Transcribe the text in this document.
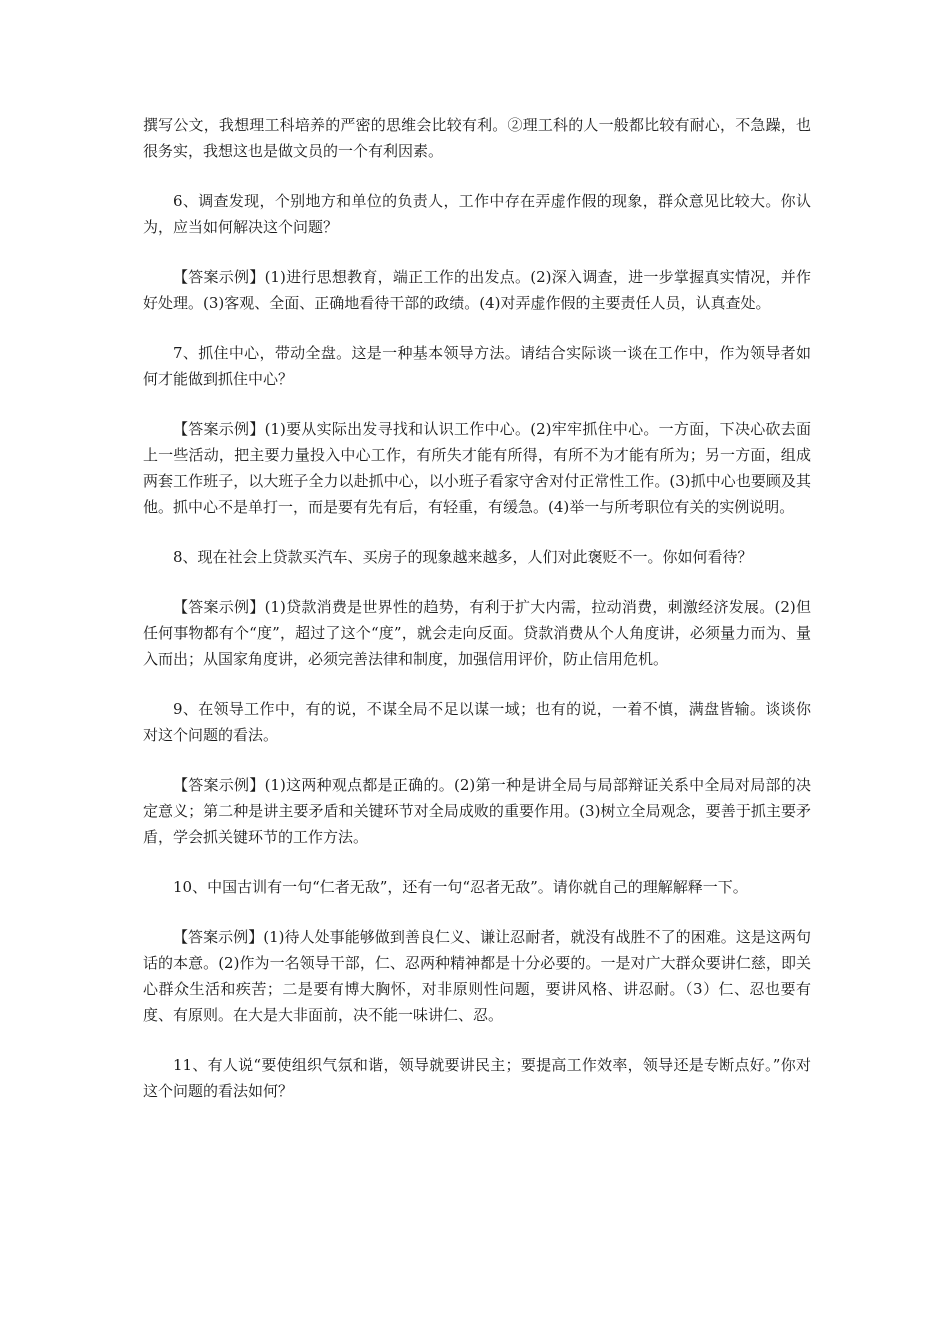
撰写公文，我想理工科培养的严密的思维会比较有利。②理工科的人一般都比较有耐心，不急躁，也很务实，我想这也是做文员的一个有利因素。

6、调查发现，个别地方和单位的负责人，工作中存在弄虚作假的现象，群众意见比较大。你认为，应当如何解决这个问题？

【答案示例】(1)进行思想教育，端正工作的出发点。(2)深入调查，进一步掌握真实情况，并作好处理。(3)客观、全面、正确地看待干部的政绩。(4)对弄虚作假的主要责任人员，认真查处。

7、抓住中心，带动全盘。这是一种基本领导方法。请结合实际谈一谈在工作中，作为领导者如何才能做到抓住中心？

【答案示例】(1)要从实际出发寻找和认识工作中心。(2)牢牢抓住中心。一方面，下决心砍去面上一些活动，把主要力量投入中心工作，有所失才能有所得，有所不为才能有所为；另一方面，组成两套工作班子，以大班子全力以赴抓中心，以小班子看家守舍对付正常性工作。(3)抓中心也要顾及其他。抓中心不是单打一，而是要有先有后，有轻重，有缓急。(4)举一与所考职位有关的实例说明。

8、现在社会上贷款买汽车、买房子的现象越来越多，人们对此褒贬不一。你如何看待？

【答案示例】(1)贷款消费是世界性的趋势，有利于扩大内需，拉动消费，刺激经济发展。(2)但任何事物都有个“度”，超过了这个“度”，就会走向反面。贷款消费从个人角度讲，必须量力而为、量入而出；从国家角度讲，必须完善法律和制度，加强信用评价，防止信用危机。

9、在领导工作中，有的说，不谋全局不足以谋一域；也有的说，一着不慎，满盘皆输。谈谈你对这个问题的看法。

【答案示例】(1)这两种观点都是正确的。(2)第一种是讲全局与局部辩证关系中全局对局部的决定意义；第二种是讲主要矛盾和关键环节对全局成败的重要作用。(3)树立全局观念，要善于抓主要矛盾，学会抓关键环节的工作方法。

10、中国古训有一句“仁者无敌”，还有一句“忍者无敌”。请你就自己的理解解释一下。

【答案示例】(1)待人处事能够做到善良仁义、谦让忍耐者，就没有战胜不了的困难。这是这两句话的本意。(2)作为一名领导干部，仁、忍两种精神都是十分必要的。一是对广大群众要讲仁慈，即关心群众生活和疾苦；二是要有博大胸怀，对非原则性问题，要讲风格、讲忍耐。（3）仁、忍也要有度、有原则。在大是大非面前，决不能一味讲仁、忍。

11、有人说“要使组织气氛和谐，领导就要讲民主；要提高工作效率，领导还是专断点好。”你对这个问题的看法如何？
